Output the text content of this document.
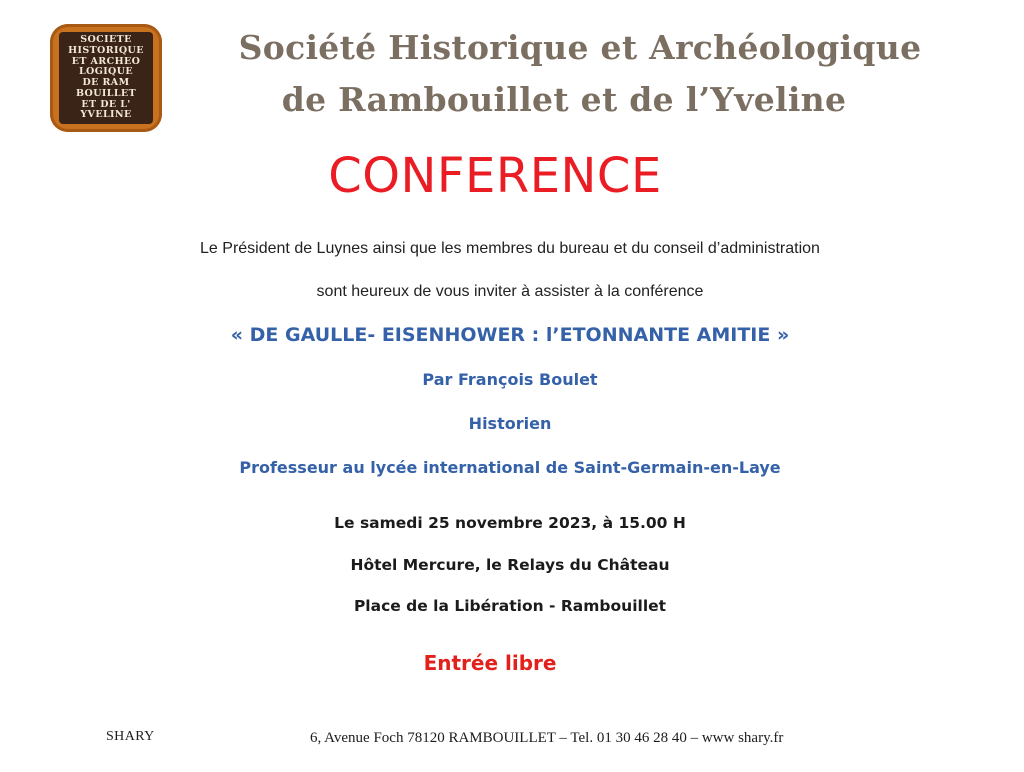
SOCIETE
HISTORIQUE
ET ARCHEO
LOGIQUE
DE RAM
BOUILLET
ET DE L'
YVELINE
Société Historique et Archéologique
de Rambouillet et de l’Yveline
CONFERENCE
Le Président de Luynes ainsi que les membres du bureau et du conseil d’administration
sont heureux de vous inviter à assister à la conférence
« DE GAULLE- EISENHOWER : l’ETONNANTE AMITIE »
Par François Boulet
Historien
Professeur au lycée international de Saint-Germain-en-Laye
Le samedi 25 novembre 2023, à 15.00 H
Hôtel Mercure, le Relays du Château
Place de la Libération - Rambouillet
Entrée libre
SHARY	6, Avenue Foch 78120 RAMBOUILLET – Tel. 01 30 46 28 40 – www shary.fr
